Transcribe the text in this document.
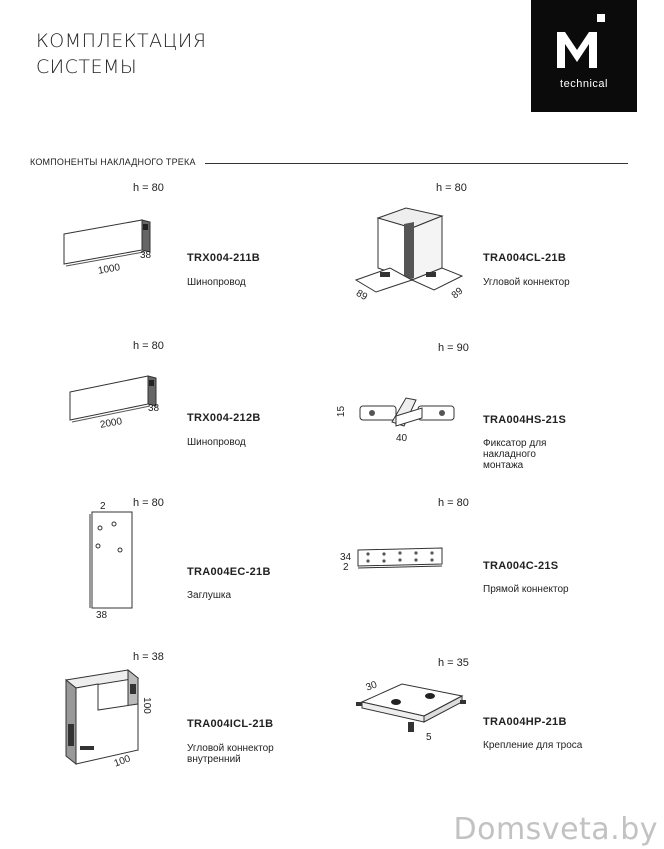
КОМПЛЕКТАЦИЯ
СИСТЕМЫ
technical
КОМПОНЕНТЫ НАКЛАДНОГО ТРЕКА
h = 80
1000
38	TRX004-211B
Шинопровод
h = 80
89	89
TRA004CL-21B
Угловой коннектор
h = 80
2000
38
TRX004-212B
Шинопровод
h = 90
15
40
TRA004HS-21S
Фиксатор для накладного монтажа
2 h = 80
38
TRA004EC-21B
Заглушка
h = 80
34
2	TRA004C-21S
Прямой коннектор
h = 38
100
100
TRA004ICL-21B
Угловой коннектор внутренний
h = 35
30
5
TRA004HP-21B
Крепление для троса
Domsveta.by
